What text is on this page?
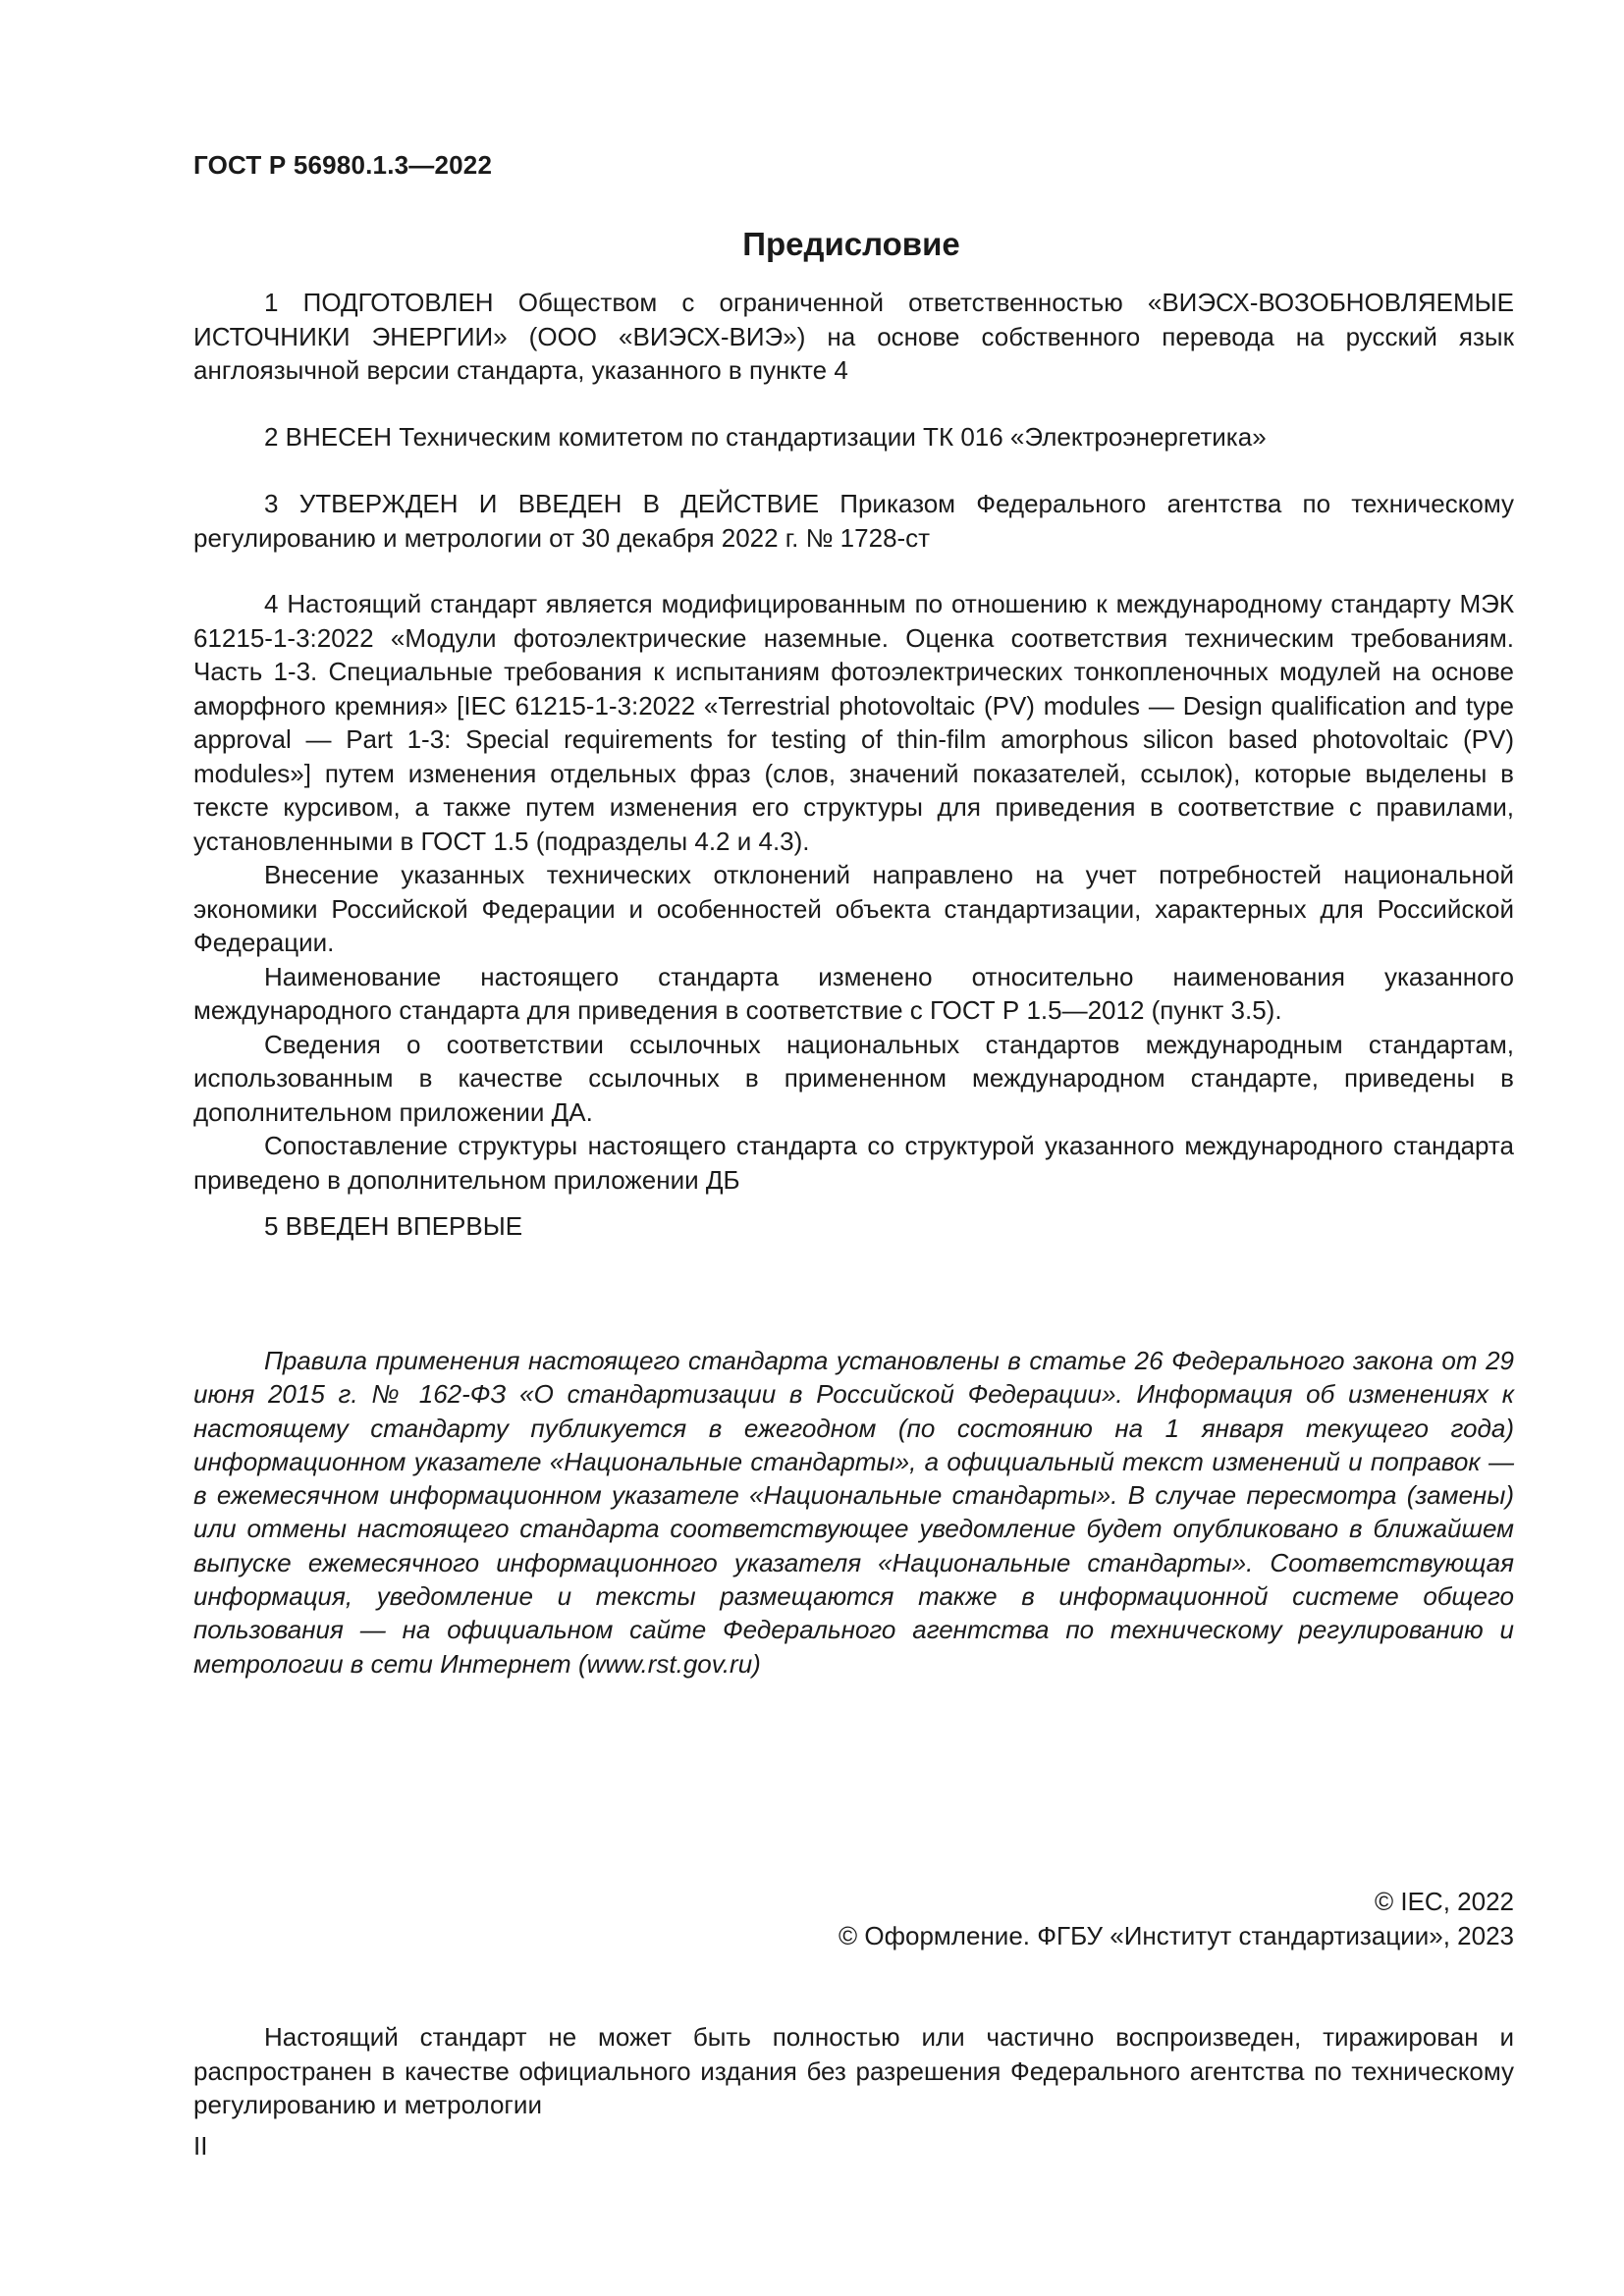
ГОСТ Р 56980.1.3—2022
Предисловие

1 ПОДГОТОВЛЕН Обществом с ограниченной ответственностью «ВИЭСХ-ВОЗОБНОВЛЯЕМЫЕ ИСТОЧНИКИ ЭНЕРГИИ» (ООО «ВИЭСХ-ВИЭ») на основе собственного перевода на русский язык англоязычной версии стандарта, указанного в пункте 4

2 ВНЕСЕН Техническим комитетом по стандартизации ТК 016 «Электроэнергетика»

3 УТВЕРЖДЕН И ВВЕДЕН В ДЕЙСТВИЕ Приказом Федерального агентства по техническому регулированию и метрологии от 30 декабря 2022 г. № 1728-ст

4 Настоящий стандарт является модифицированным по отношению к международному стандарту МЭК 61215-1-3:2022 «Модули фотоэлектрические наземные. Оценка соответствия техническим требованиям. Часть 1-3. Специальные требования к испытаниям фотоэлектрических тонкопленочных модулей на основе аморфного кремния» [IEC 61215-1-3:2022 «Terrestrial photovoltaic (PV) modules — Design qualification and type approval — Part 1-3: Special requirements for testing of thin-film amorphous silicon based photovoltaic (PV) modules»] путем изменения отдельных фраз (слов, значений показателей, ссылок), которые выделены в тексте курсивом, а также путем изменения его структуры для приведения в соответствие с правилами, установленными в ГОСТ 1.5 (подразделы 4.2 и 4.3).

Внесение указанных технических отклонений направлено на учет потребностей национальной экономики Российской Федерации и особенностей объекта стандартизации, характерных для Российской Федерации.

Наименование настоящего стандарта изменено относительно наименования указанного международного стандарта для приведения в соответствие с ГОСТ Р 1.5—2012 (пункт 3.5).

Сведения о соответствии ссылочных национальных стандартов международным стандартам, использованным в качестве ссылочных в примененном международном стандарте, приведены в дополнительном приложении ДА.

Сопоставление структуры настоящего стандарта со структурой указанного международного стандарта приведено в дополнительном приложении ДБ

5 ВВЕДЕН ВПЕРВЫЕ

Правила применения настоящего стандарта установлены в статье 26 Федерального закона от 29 июня 2015 г. № 162-ФЗ «О стандартизации в Российской Федерации». Информация об изменениях к настоящему стандарту публикуется в ежегодном (по состоянию на 1 января текущего года) информационном указателе «Национальные стандарты», а официальный текст изменений и поправок — в ежемесячном информационном указателе «Национальные стандарты». В случае пересмотра (замены) или отмены настоящего стандарта соответствующее уведомление будет опубликовано в ближайшем выпуске ежемесячного информационного указателя «Национальные стандарты». Соответствующая информация, уведомление и тексты размещаются также в информационной системе общего пользования — на официальном сайте Федерального агентства по техническому регулированию и метрологии в сети Интернет (www.rst.gov.ru)

© IEC, 2022
© Оформление. ФГБУ «Институт стандартизации», 2023

Настоящий стандарт не может быть полностью или частично воспроизведен, тиражирован и распространен в качестве официального издания без разрешения Федерального агентства по техническому регулированию и метрологии

II
